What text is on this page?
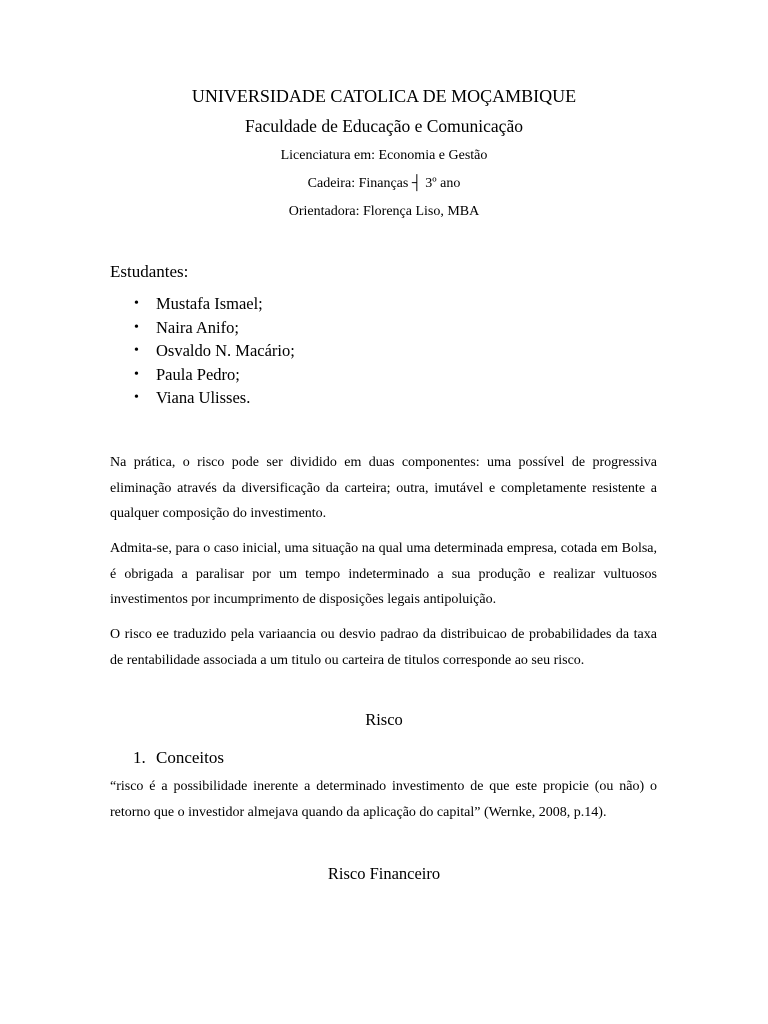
UNIVERSIDADE CATOLICA DE MOÇAMBIQUE
Faculdade de Educação e Comunicação
Licenciatura em: Economia e Gestão
Cadeira: Finanças ┤ 3º ano
Orientadora: Florença Liso, MBA
Estudantes:
• Mustafa Ismael;
• Naira Anifo;
• Osvaldo N. Macário;
• Paula Pedro;
• Viana Ulisses.

Na prática, o risco pode ser dividido em duas componentes: uma possível de progressiva eliminação através da diversificação da carteira; outra, imutável e completamente resistente a qualquer composição do investimento.

Admita-se, para o caso inicial, uma situação na qual uma determinada empresa, cotada em Bolsa, é obrigada a paralisar por um tempo indeterminado a sua produção e realizar vultuosos investimentos por incumprimento de disposições legais antipoluição.

O risco ee traduzido pela variaancia ou desvio padrao da distribuicao de probabilidades da taxa de rentabilidade associada a um titulo ou carteira de titulos corresponde ao seu risco.

Risco
1. Conceitos

“risco é a possibilidade inerente a determinado investimento de que este propicie (ou não) o retorno que o investidor almejava quando da aplicação do capital” (Wernke, 2008, p.14).

Risco Financeiro
